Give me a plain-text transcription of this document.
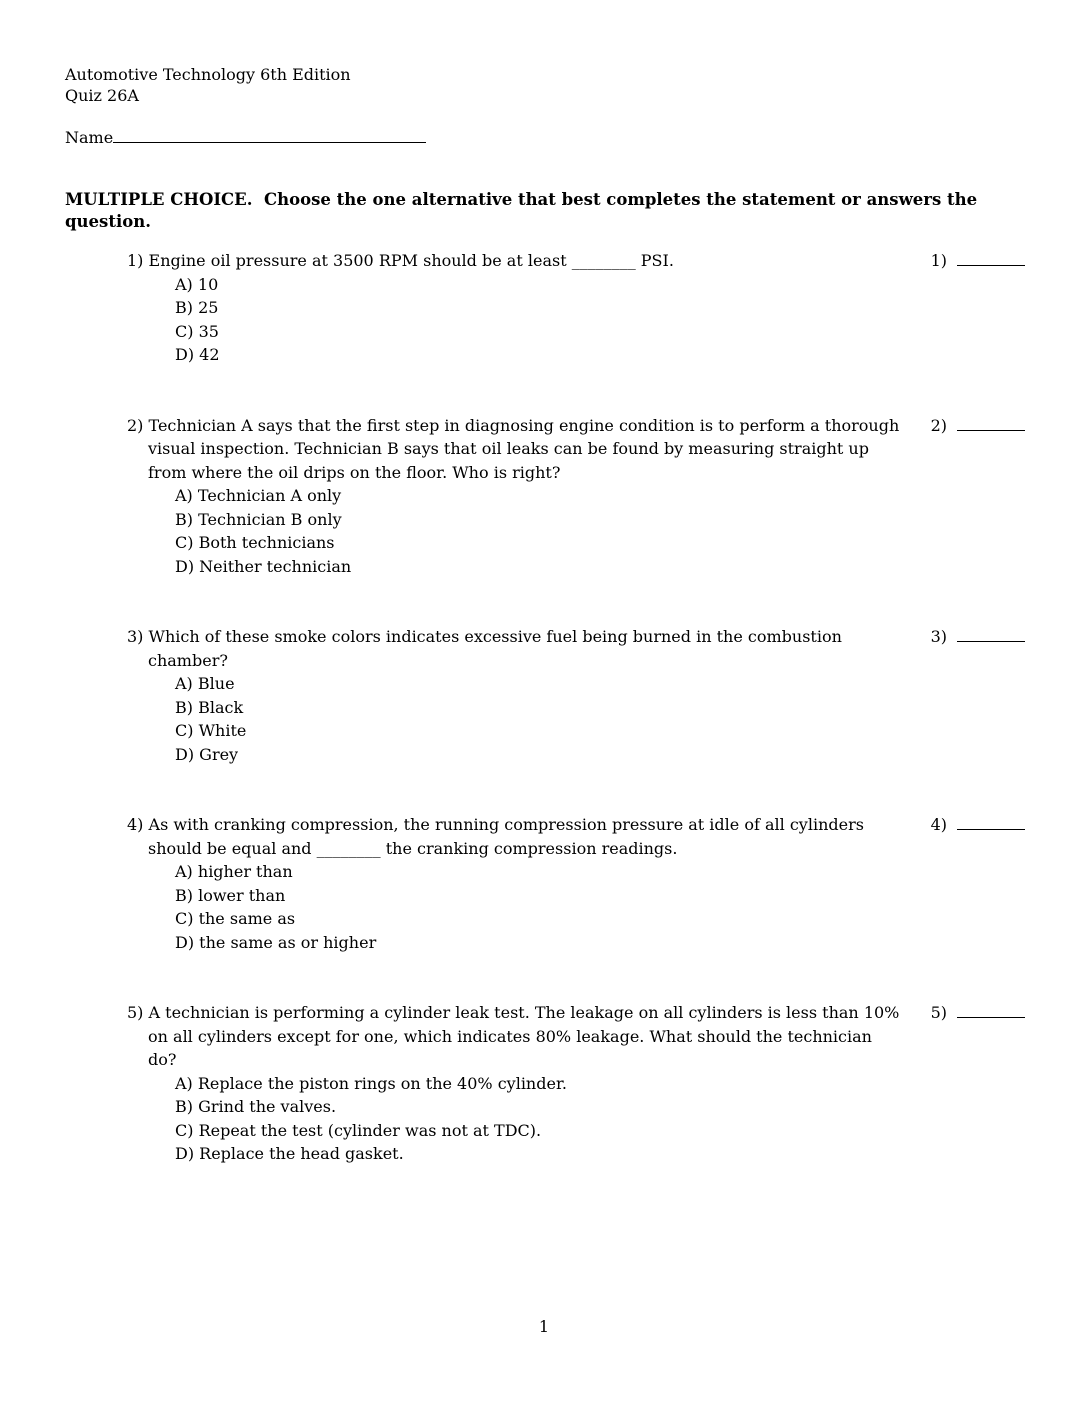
Automotive Technology 6th Edition
Quiz 26A
Name
MULTIPLE CHOICE.  Choose the one alternative that best completes the statement or answers the question.

1) Engine oil pressure at 3500 RPM should be at least ________ PSI.

A) 10
B) 25
C) 35
D) 42
1)

2) Technician A says that the first step in diagnosing engine condition is to perform a thorough visual inspection. Technician B says that oil leaks can be found by measuring straight up from where the oil drips on the floor. Who is right?

A) Technician A only
B) Technician B only
C) Both technicians
D) Neither technician
2)

3) Which of these smoke colors indicates excessive fuel being burned in the combustion chamber?

A) Blue
B) Black
C) White
D) Grey
3)

4) As with cranking compression, the running compression pressure at idle of all cylinders should be equal and ________ the cranking compression readings.

A) higher than
B) lower than
C) the same as
D) the same as or higher
4)

5) A technician is performing a cylinder leak test. The leakage on all cylinders is less than 10% on all cylinders except for one, which indicates 80% leakage. What should the technician do?

A) Replace the piston rings on the 40% cylinder.
B) Grind the valves.
C) Repeat the test (cylinder was not at TDC).
D) Replace the head gasket.
5)
1
